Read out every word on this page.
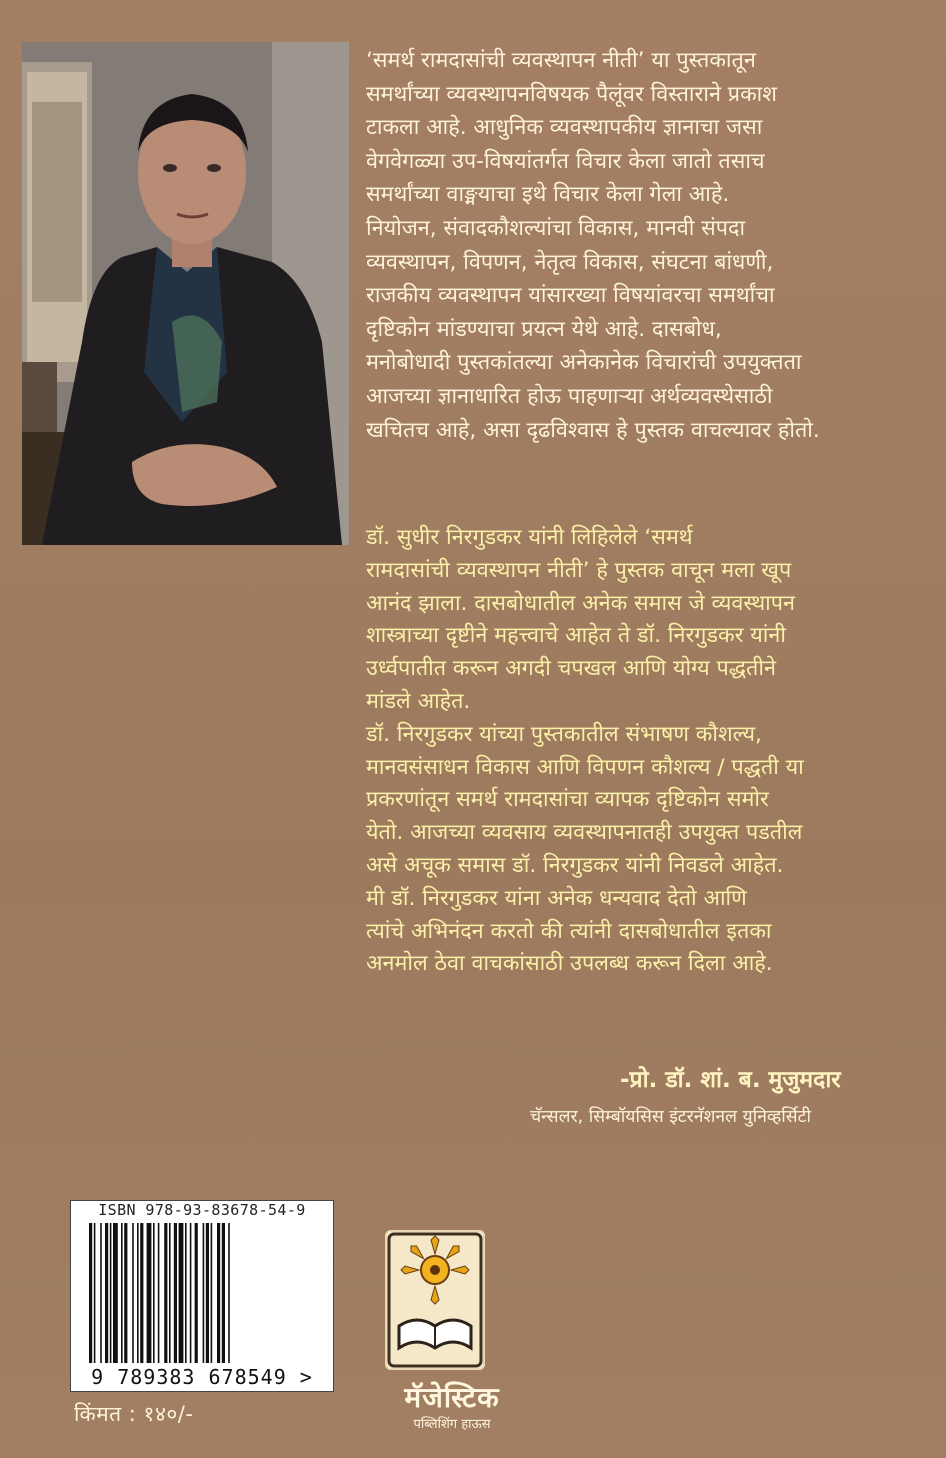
‘समर्थ रामदासांची व्यवस्थापन नीती’ या पुस्तकातून
समर्थांच्या व्यवस्थापनविषयक पैलूंवर विस्ताराने प्रकाश
टाकला आहे. आधुनिक व्यवस्थापकीय ज्ञानाचा जसा
वेगवेगळ्या उप-विषयांतर्गत विचार केला जातो तसाच
समर्थांच्या वाङ्मयाचा इथे विचार केला गेला आहे.
नियोजन, संवादकौशल्यांचा विकास, मानवी संपदा
व्यवस्थापन, विपणन, नेतृत्व विकास, संघटना बांधणी,
राजकीय व्यवस्थापन यांसारख्या विषयांवरचा समर्थांचा
दृष्टिकोन मांडण्याचा प्रयत्न येथे आहे. दासबोध,
मनोबोधादी पुस्तकांतल्या अनेकानेक विचारांची उपयुक्तता
आजच्या ज्ञानाधारित होऊ पाहणाऱ्या अर्थव्यवस्थेसाठी
खचितच आहे, असा दृढविश्वास हे पुस्तक वाचल्यावर होतो.
डॉ. सुधीर निरगुडकर यांनी लिहिलेले ‘समर्थ
रामदासांची व्यवस्थापन नीती’ हे पुस्तक वाचून मला खूप
आनंद झाला. दासबोधातील अनेक समास जे व्यवस्थापन
शास्त्राच्या दृष्टीने महत्त्वाचे आहेत ते डॉ. निरगुडकर यांनी
उर्ध्वपातीत करून अगदी चपखल आणि योग्य पद्धतीने
मांडले आहेत.
डॉ. निरगुडकर यांच्या पुस्तकातील संभाषण कौशल्य,
मानवसंसाधन विकास आणि विपणन कौशल्य / पद्धती या
प्रकरणांतून समर्थ रामदासांचा व्यापक दृष्टिकोन समोर
येतो. आजच्या व्यवसाय व्यवस्थापनातही उपयुक्त पडतील
असे अचूक समास डॉ. निरगुडकर यांनी निवडले आहेत.
मी डॉ. निरगुडकर यांना अनेक धन्यवाद देतो आणि
त्यांचे अभिनंदन करतो की त्यांनी दासबोधातील इतका
अनमोल ठेवा वाचकांसाठी उपलब्ध करून दिला आहे.
-प्रो. डॉ. शां. ब. मुजुमदार
चॅन्सलर, सिम्बॉयसिस इंटरनॅशनल युनिव्हर्सिटी
ISBN 978-93-83678-54-9
9 789383 678549 >
किंमत : १४०/-	मॅजेस्टिक
पब्लिशिंग हाऊस
